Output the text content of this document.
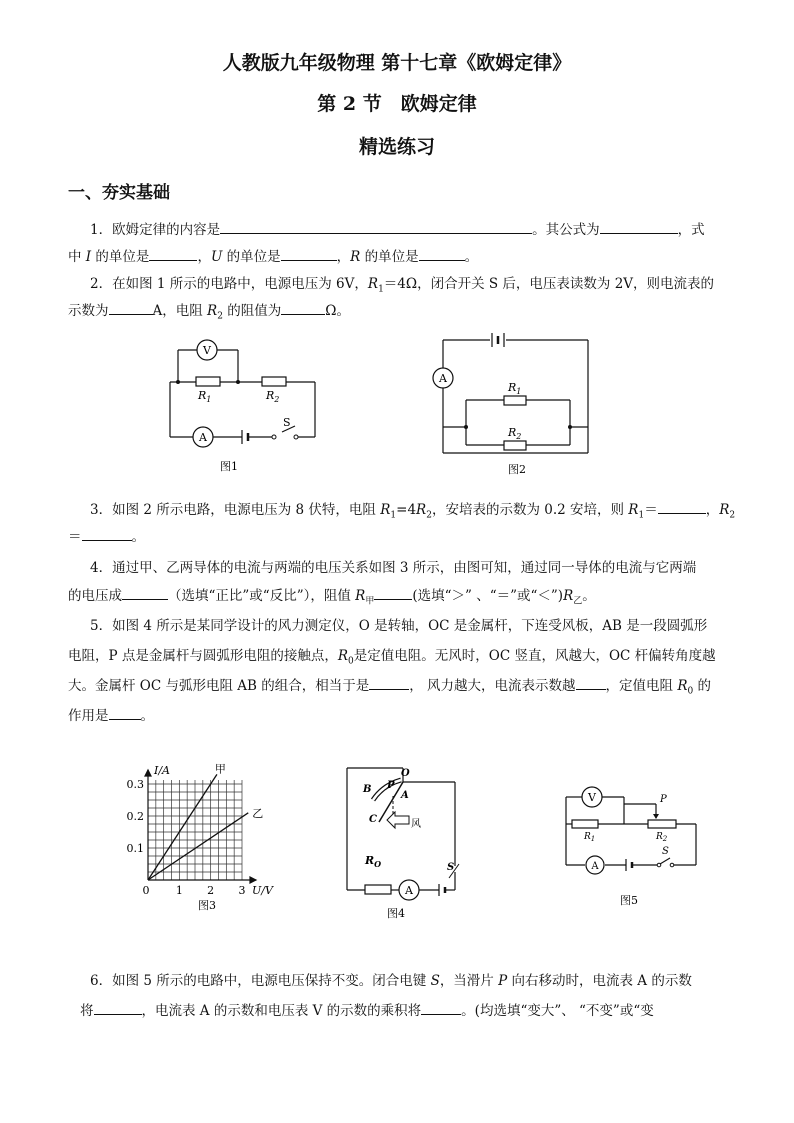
人教版九年级物理 第十七章《欧姆定律》
第 2 节　欧姆定律
精选练习
一、夯实基础
1．欧姆定律的内容是	。其公式为	，式
中 I 的单位是	，U 的单位是	，R 的单位是	。
2．在如图 1 所示的电路中，电源电压为 6V，$R_1=4\Omega$，闭合开关 S 后，电压表读数为 2V，则电流表的
示数为	A，电阻 $R_2$ 的阻值为	Ω。
V
$R_1$	$R_2$
A
S
图1
A
$R_1$
$R_2$
图2
3．如图 2 所示电路，电源电压为 8 伏特，电阻 $R_1=4R_2$，安培表的示数为 0.2 安培，则 $R_1=$	，$R_2$
＝	。
4．通过甲、乙两导体的电流与两端的电压关系如图 3 所示，由图可知，通过同一导体的电流与它两端
的电压成	（选填“正比”或“反比”），阻值 $R_甲$	(选填“＞” 、“＝”或“$<”)R_乙$。
5．如图 4 所示是某同学设计的风力测定仪，O 是转轴，OC 是金属杆，下连受风板，AB 是一段圆弧形
电阻，P 点是金属杆与圆弧形电阻的接触点，$R_0$是定值电阻。无风时，OC 竖直，风越大，OC 杆偏转角度越
大。金属杆 OC 与弧形电阻 AB 的组合，相当于是	， 风力越大，电流表示数越 ，定值电阻 $R_0$ 的
作用是 。
甲
乙
0.1
0.2
0.3
1 2 3
0
I/A
U/V
图3
风
O
B P
A
C
$R_O$	S
A
图4
V	P
$R_1$	$R_2$
A
S
图5
6．如图 5 所示的电路中，电源电压保持不变。闭合电键 S，当滑片 P 向右移动时，电流表 A 的示数
将	，电流表 A 的示数和电压表 V 的示数的乘积将	。(均选填“变大”、 “不变”或“变
